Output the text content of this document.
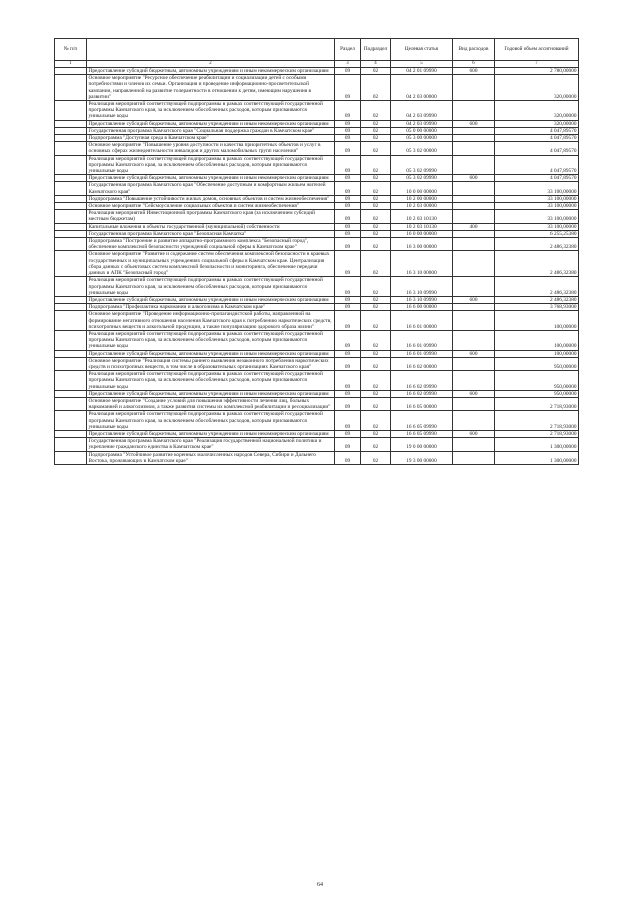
№ п/п		Раздел	Подраздел	Целевая статья	Вид расходов	Годовой объем ассигнований
1	2	3	4	5	6	7
	Предоставление субсидий бюджетным, автономным учреждениям и иным некоммерческим организациям	09	02	04 2 01 09990	600	2 780,00000
	Основное мероприятие "Ресурсное обеспечение реабилитации и социализации детей с особыми потребностями и членов их семьи. Организация и проведение информационно-просветительской кампании, направленной на развитие толерантности в отношении к детям, имеющим нарушения в развитии"	09	02	04 2 03 00000		320,00000
	Реализация мероприятий соответствующей подпрограммы в рамках соответствующей государственной программы Камчатского края, за исключением обособленных расходов, которым присваиваются уникальные коды	09	02	04 2 03 09990		320,00000
	Предоставление субсидий бюджетным, автономным учреждениям и иным некоммерческим организациям	09	02	04 2 03 09990	600	320,00000
	Государственная программа Камчатского края "Социальная поддержка граждан в Камчатском крае"	09	02	05 0 00 00000		4 047,89570
	Подпрограмма "Доступная среда в Камчатском крае"	09	02	05 3 00 00000		4 047,89570
	Основное мероприятие "Повышение уровня доступности и качества приоритетных объектов и услуг в основных сферах жизнедеятельности инвалидов и других маломобильных групп населения"	09	02	05 3 02 00000		4 047,89570
	Реализация мероприятий соответствующей подпрограммы в рамках соответствующей государственной программы Камчатского края, за исключением обособленных расходов, которым присваиваются уникальные коды	09	02	05 3 02 09990		4 047,89570
	Предоставление субсидий бюджетным, автономным учреждениям и иным некоммерческим организациям	09	02	05 3 02 09990	600	4 047,89570
	Государственная программа Камчатского края "Обеспечение доступным и комфортным жильем жителей Камчатского края"	09	02	10 0 00 00000		33 100,00000
	Подпрограмма "Повышение устойчивости жилых домов, основных объектов и систем жизнеобеспечения"	09	02	10 2 00 00000		33 100,00000
	Основное мероприятие "Сейсмоусиление социальных объектов и систем жизнеобеспечения"	09	02	10 2 03 00000		33 100,00000
	Реализация мероприятий Инвестиционной программы Камчатского края (за исключением субсидий местным бюджетам)	09	02	10 2 03 10130		33 100,00000
	Капитальные вложения в объекты государственной (муниципальной) собственности	09	02	10 2 03 10130	400	33 100,00000
	Государственная программа Камчатского края "Безопасная Камчатка"	09	02	16 0 00 00000		6 255,25380
	Подпрограмма "Построение и развитие аппаратно-программного комплекса "Безопасный город", обеспечение комплексной безопасности учреждений социальной сферы в Камчатском крае"	09	02	16 3 00 00000		2 486,32380
	Основное мероприятие "Развитие и содержание систем обеспечения комплексной безопасности в краевых государственных и муниципальных учреждениях социальной сферы в Камчатском крае. Централизация сбора данных с объектовых систем комплексной безопасности и мониторинга, обеспечение передачи данных в АПК "Безопасный город"	09	02	16 3 10 00000		2 486,32380
	Реализация мероприятий соответствующей подпрограммы в рамках соответствующей государственной программы Камчатского края, за исключением обособленных расходов, которым присваиваются уникальные коды	09	02	16 3 10 09990		2 486,32380
	Предоставление субсидий бюджетным, автономным учреждениям и иным некоммерческим организациям	09	02	16 3 10 09990	600	2 486,32380
	Подпрограмма "Профилактика наркомании и алкоголизма в Камчатском крае"	09	02	16 6 00 00000		3 768,93000
	Основное мероприятие "Проведение информационно-пропагандистской работы, направленной на формирование негативного отношения населения Камчатского края к потреблению наркотических средств, психотропных веществ и алкогольной продукции, а также популяризацию здорового образа жизни"	09	02	16 6 01 00000		100,00000
	Реализация мероприятий соответствующей подпрограммы в рамках соответствующей государственной программы Камчатского края, за исключением обособленных расходов, которым присваиваются уникальные коды	09	02	16 6 01 09990		100,00000
	Предоставление субсидий бюджетным, автономным учреждениям и иным некоммерческим организациям	09	02	16 6 01 09990	600	100,00000
	Основное мероприятие "Реализация системы раннего выявления незаконного потребления наркотических средств и психотропных веществ, в том числе в образовательных организациях Камчатского края"	09	02	16 6 02 00000		950,00000
	Реализация мероприятий соответствующей подпрограммы в рамках соответствующей государственной программы Камчатского края, за исключением обособленных расходов, которым присваиваются уникальные коды	09	02	16 6 02 09990		950,00000
	Предоставление субсидий бюджетным, автономным учреждениям и иным некоммерческим организациям	09	02	16 6 02 09990	600	950,00000
	Основное мероприятие "Создание условий для повышения эффективности лечения лиц, больных наркоманией и алкоголизмом, а также развития системы их комплексной реабилитации и ресоциализации"	09	02	16 6 05 00000		2 718,93000
	Реализация мероприятий соответствующей подпрограммы в рамках соответствующей государственной программы Камчатского края, за исключением обособленных расходов, которым присваиваются уникальные коды	09	02	16 6 05 09990		2 718,93000
	Предоставление субсидий бюджетным, автономным учреждениям и иным некоммерческим организациям	09	02	16 6 05 09990	600	2 718,93000
	Государственная программа Камчатского края "Реализация государственной национальной политики и укрепление гражданского единства в Камчатском крае"	09	02	19 0 00 00000		1 300,00000
	Подпрограмма "Устойчивое развитие коренных малочисленных народов Севера, Сибири и Дальнего Востока, проживающих в Камчатском крае"	09	02	19 3 00 00000		1 300,00000
64
